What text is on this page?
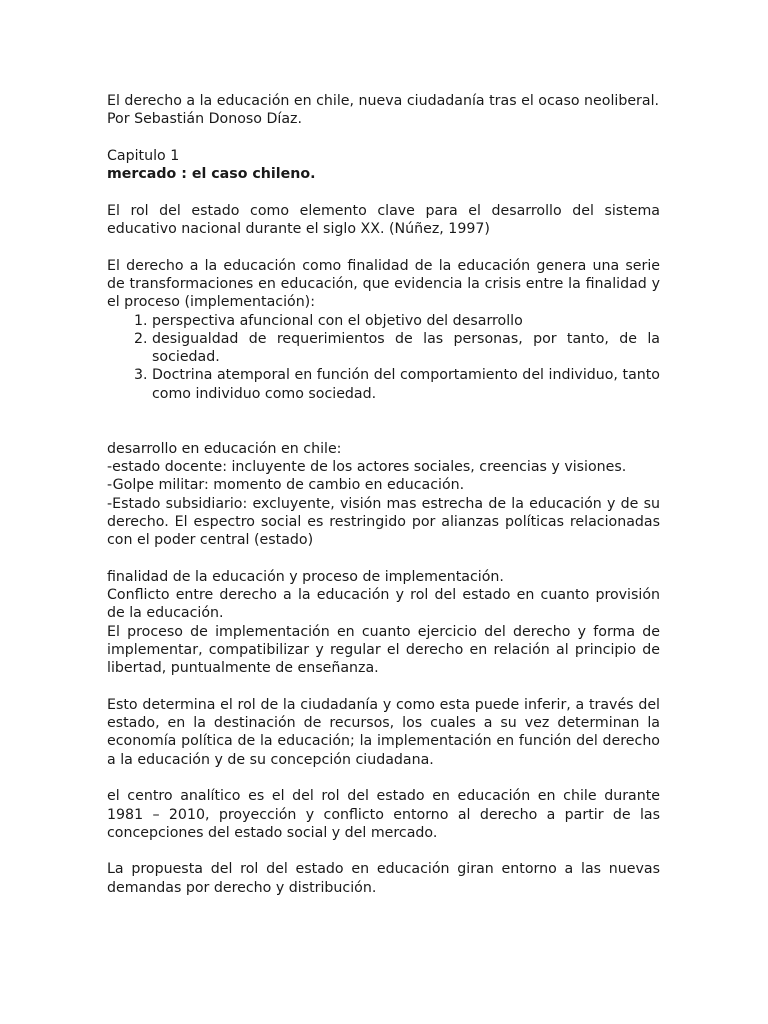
El derecho a la educación en chile, nueva ciudadanía tras el ocaso neoliberal.

Por Sebastián Donoso Díaz.

Capitulo 1

mercado : el caso chileno.

El rol del estado como elemento clave para el desarrollo del sistema educativo nacional durante el siglo XX. (Núñez, 1997)

El derecho a la educación como finalidad de la educación genera una serie de transformaciones en educación, que evidencia la crisis entre la finalidad y el proceso (implementación):

1. perspectiva afuncional con el objetivo del desarrollo
2. desigualdad de requerimientos de las personas, por tanto, de la sociedad.
3. Doctrina atemporal en función del comportamiento del individuo, tanto como individuo como sociedad.

desarrollo en educación en chile:

-estado docente: incluyente de los actores sociales, creencias y visiones.

-Golpe militar: momento de cambio en educación.

-Estado subsidiario: excluyente, visión mas estrecha de la educación y de su derecho. El espectro social es restringido por alianzas políticas relacionadas con el poder central (estado)

finalidad de la educación y proceso de implementación.

Conflicto entre derecho a la educación y rol del estado en cuanto provisión de la educación.

El proceso de implementación en cuanto ejercicio del derecho y forma de implementar, compatibilizar y regular el derecho en relación al principio de libertad, puntualmente de enseñanza.

Esto determina el rol de la ciudadanía y como esta puede inferir, a través del estado, en la destinación de recursos, los cuales a su vez determinan la economía política de la educación; la implementación en función del derecho a la educación y de su concepción ciudadana.

el centro analítico es el del rol del estado en educación en chile durante 1981 – 2010, proyección y conflicto entorno al derecho a partir de las concepciones del estado social y del mercado.

La propuesta del rol del estado en educación giran entorno a las nuevas demandas por derecho y distribución.
